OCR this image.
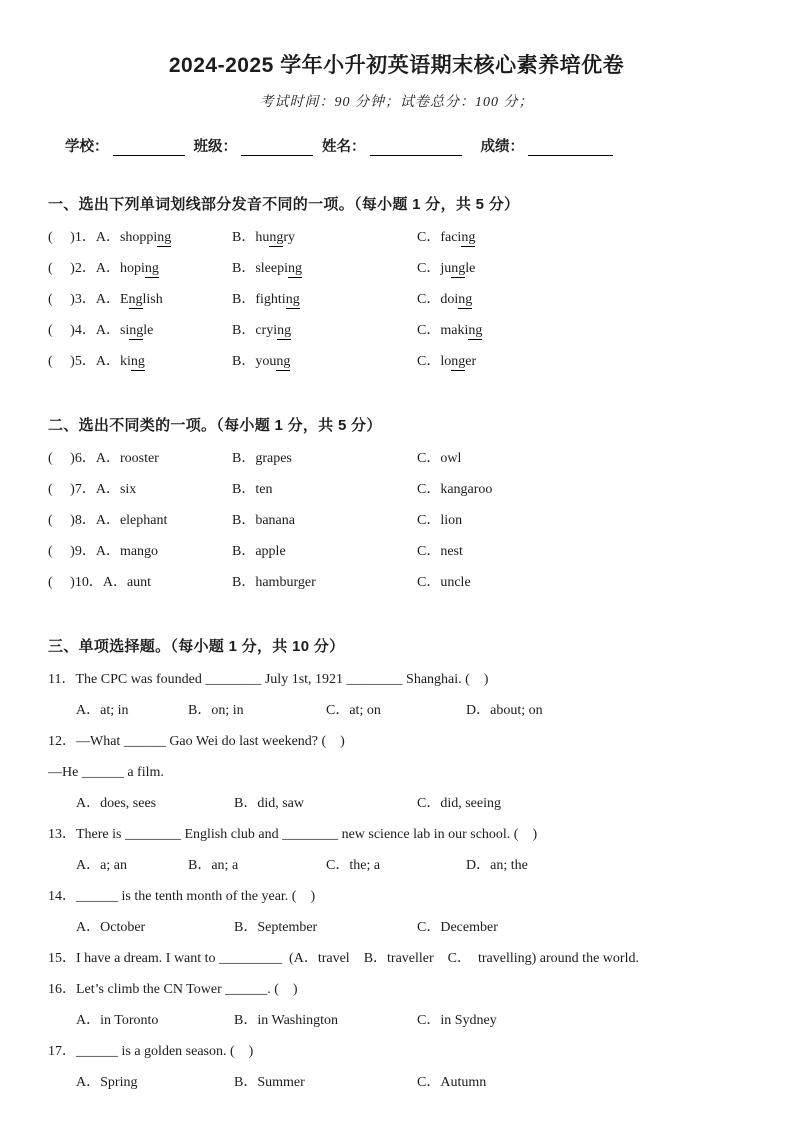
2024-2025 学年小升初英语期末核心素养培优卷
考试时间：90 分钟；试卷总分：100 分；
学校：	班级：	姓名：	成绩：
一、选出下列单词划线部分发音不同的一项。（每小题 1 分，共 5 分）
(　 )1．A．shopping	B．hungry	C．facing
(　 )2．A．hoping	B．sleeping	C．jungle
(　 )3．A．English	B．fighting	C．doing
(　 )4．A．single	B．crying	C．making
(　 )5．A．king	B．young	C．longer
二、选出不同类的一项。（每小题 1 分，共 5 分）
(　 )6．A．rooster	B．grapes	C．owl
(　 )7．A．six	B．ten	C．kangaroo
(　 )8．A．elephant	B．banana	C．lion
(　 )9．A．mango	B．apple	C．nest
(　 )10．A．aunt	B．hamburger	C．uncle
三、单项选择题。（每小题 1 分，共 10 分）
11．The CPC was founded ________ July 1st, 1921 ________ Shanghai. (　)
A．at; in	B．on; in	C．at; on	D．about; on
12．—What ______ Gao Wei do last weekend? (　)
—He ______ a film.
A．does, sees	B．did, saw	C．did, seeing
13．There is ________ English club and ________ new science lab in our school. (　)
A．a; an	B．an; a	C．the; a	D．an; the
14．______ is the tenth month of the year. (　)
A．October	B．September	C．December
15．I have a dream. I want to _________  (A．travel　B．traveller　C．  travelling) around the world.
16．Let’s climb the CN Tower ______. (　)
A．in Toronto	B．in Washington	C．in Sydney
17．______ is a golden season. (　)
A．Spring	B．Summer	C．Autumn
